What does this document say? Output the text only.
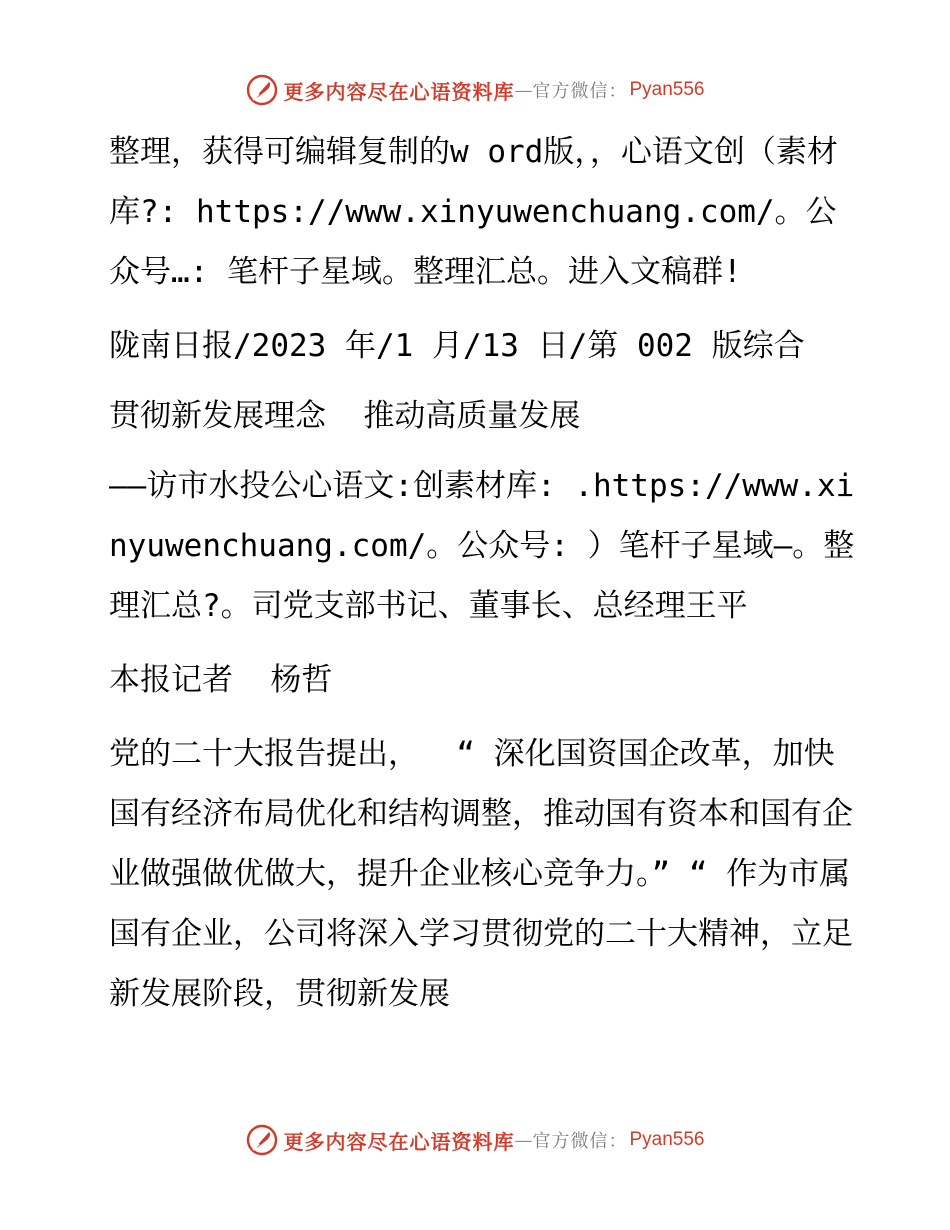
更多内容尽在心语资料库 — 官方微信： Pyan556
整理，获得可编辑复制的w ord版，，心语文创（素材库?: https://www.xinyuwenchuang.com/。公众号…: 笔杆子星域。整理汇总。进入文稿群!
陇南日报/2023 年/1 月/13 日/第 002 版综合
贯彻新发展理念  推动高质量发展
——访市水投公心语文:创素材库: .https://www.xinyuwenchuang.com/。公众号: ）笔杆子星域—。整理汇总?。司党支部书记、董事长、总经理王平
本报记者  杨哲
党的二十大报告提出，  “ 深化国资国企改革，加快国有经济布局优化和结构调整，推动国有资本和国有企业做强做优做大，提升企业核心竞争力。” “ 作为市属国有企业，公司将深入学习贯彻党的二十大精神，立足新发展阶段，贯彻新发展
更多内容尽在心语资料库 — 官方微信： Pyan556
